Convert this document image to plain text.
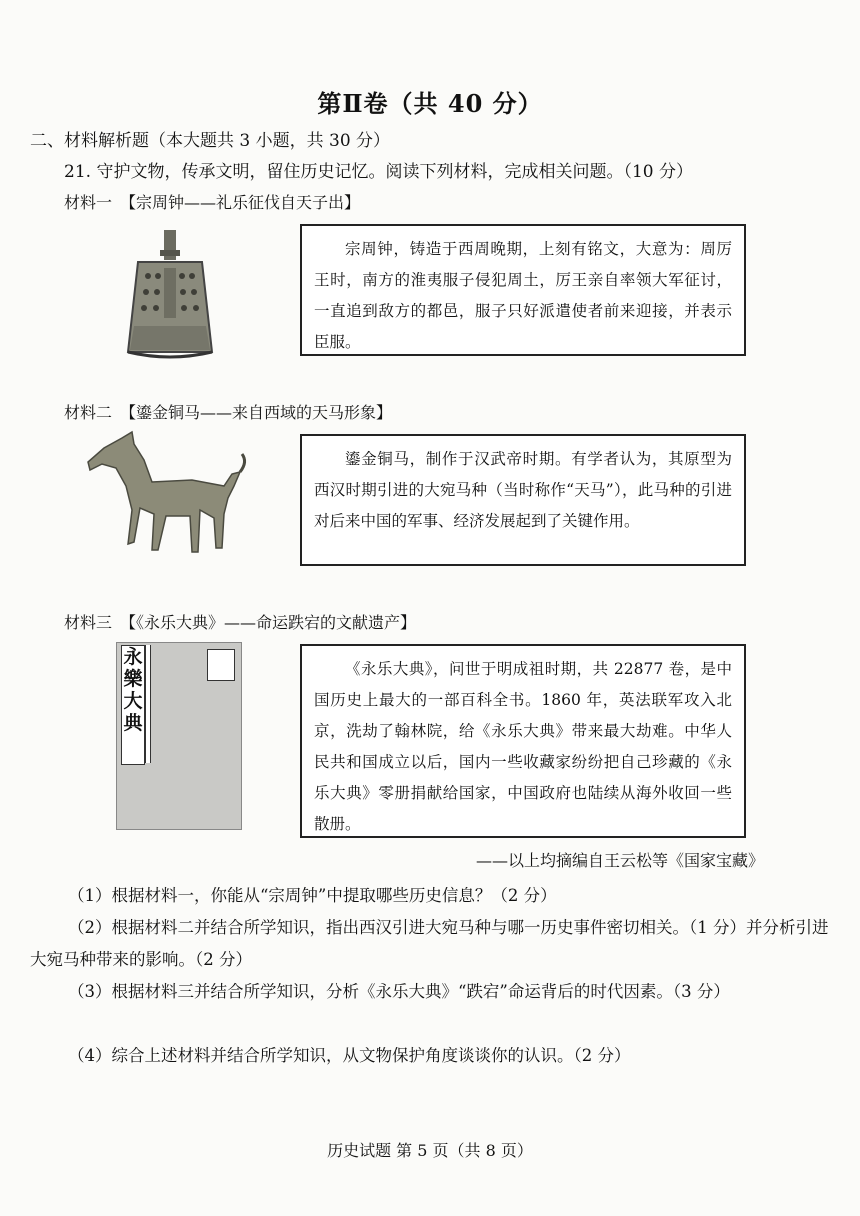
第Ⅱ卷（共 40 分）
二、材料解析题（本大题共 3 小题，共 30 分）
21. 守护文物，传承文明，留住历史记忆。阅读下列材料，完成相关问题。（10 分）
材料一　【宗周钟——礼乐征伐自天子出】
宗周钟，铸造于西周晚期，上刻有铭文，大意为：周厉王时，南方的淮夷服子侵犯周土，厉王亲自率领大军征讨，一直追到敌方的都邑，服子只好派遣使者前来迎接，并表示臣服。
材料二　【鎏金铜马——来自西域的天马形象】
鎏金铜马，制作于汉武帝时期。有学者认为，其原型为西汉时期引进的大宛马种（当时称作“天马”），此马种的引进对后来中国的军事、经济发展起到了关键作用。
材料三　【《永乐大典》——命运跌宕的文献遗产】
永樂大典
《永乐大典》，问世于明成祖时期，共 22877 卷，是中国历史上最大的一部百科全书。1860 年，英法联军攻入北京，洗劫了翰林院，给《永乐大典》带来最大劫难。中华人民共和国成立以后，国内一些收藏家纷纷把自己珍藏的《永乐大典》零册捐献给国家，中国政府也陆续从海外收回一些散册。
——以上均摘编自王云松等《国家宝藏》
（1）根据材料一，你能从“宗周钟”中提取哪些历史信息？（2 分）
（2）根据材料二并结合所学知识，指出西汉引进大宛马种与哪一历史事件密切相关。（1 分）并分析引进大宛马种带来的影响。（2 分）
（3）根据材料三并结合所学知识，分析《永乐大典》“跌宕”命运背后的时代因素。（3 分）
（4）综合上述材料并结合所学知识，从文物保护角度谈谈你的认识。（2 分）
历史试题 第 5 页（共 8 页）
